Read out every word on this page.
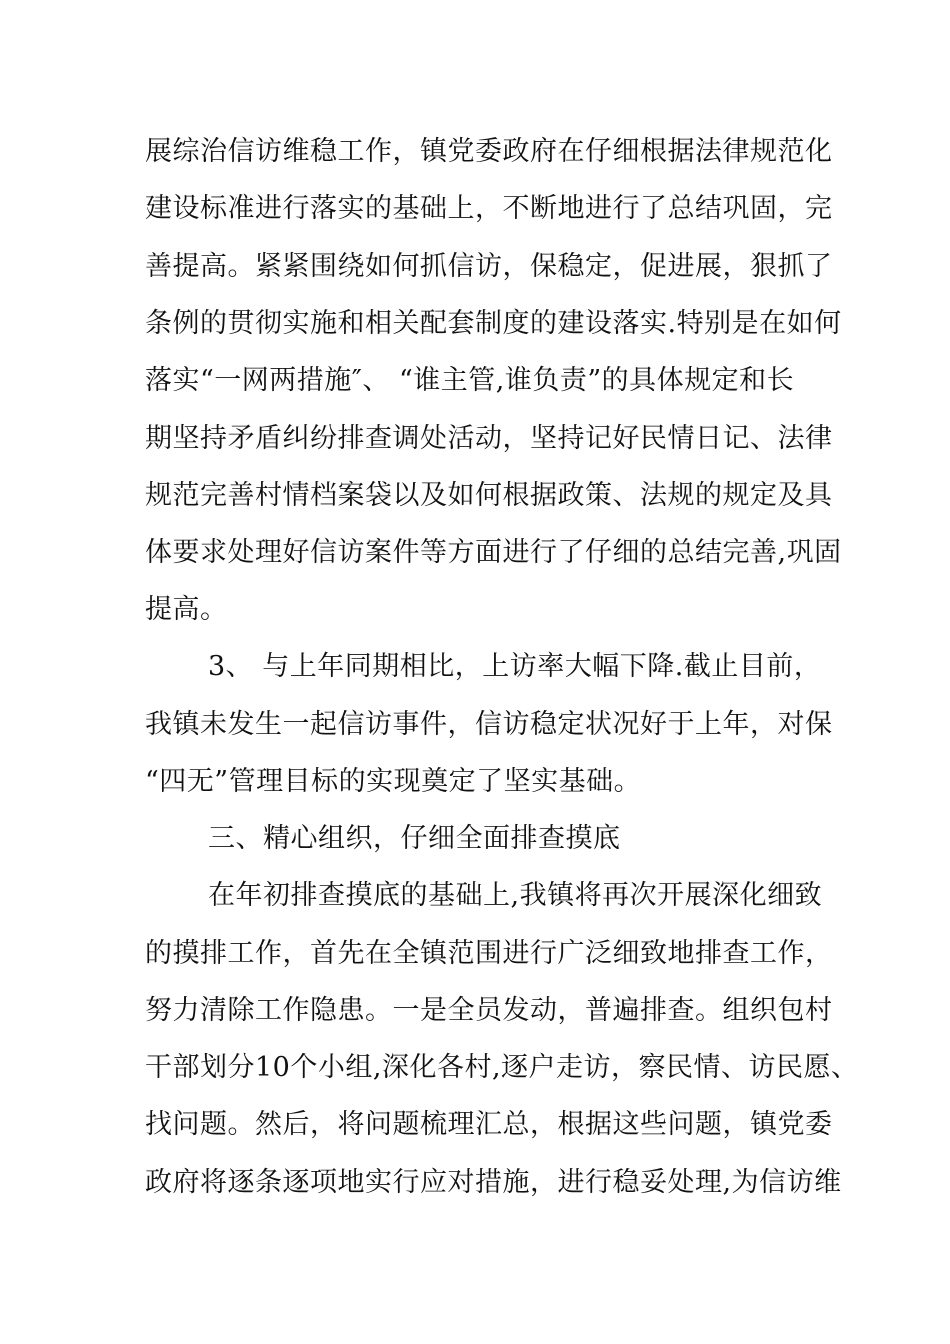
展综治信访维稳工作，镇党委政府在仔细根据法律规范化
建设标准进行落实的基础上，不断地进行了总结巩固，完
善提高。紧紧围绕如何抓信访，保稳定，促进展，狠抓了
条例的贯彻实施和相关配套制度的建设落实.特别是在如何
落实“一网两措施″、 “谁主管,谁负责”的具体规定和长
期坚持矛盾纠纷排查调处活动，坚持记好民情日记、法律
规范完善村情档案袋以及如何根据政策、法规的规定及具
体要求处理好信访案件等方面进行了仔细的总结完善,巩固
提高。
3、 与上年同期相比，上访率大幅下降.截止目前，
我镇未发生一起信访事件，信访稳定状况好于上年，对保
“四无”管理目标的实现奠定了坚实基础。
三、精心组织，仔细全面排查摸底
在年初排查摸底的基础上,我镇将再次开展深化细致
的摸排工作，首先在全镇范围进行广泛细致地排查工作，
努力清除工作隐患。一是全员发动，普遍排查。组织包村
干部划分10个小组,深化各村,逐户走访，察民情、访民愿、
找问题。然后，将问题梳理汇总，根据这些问题，镇党委
政府将逐条逐项地实行应对措施，进行稳妥处理,为信访维
